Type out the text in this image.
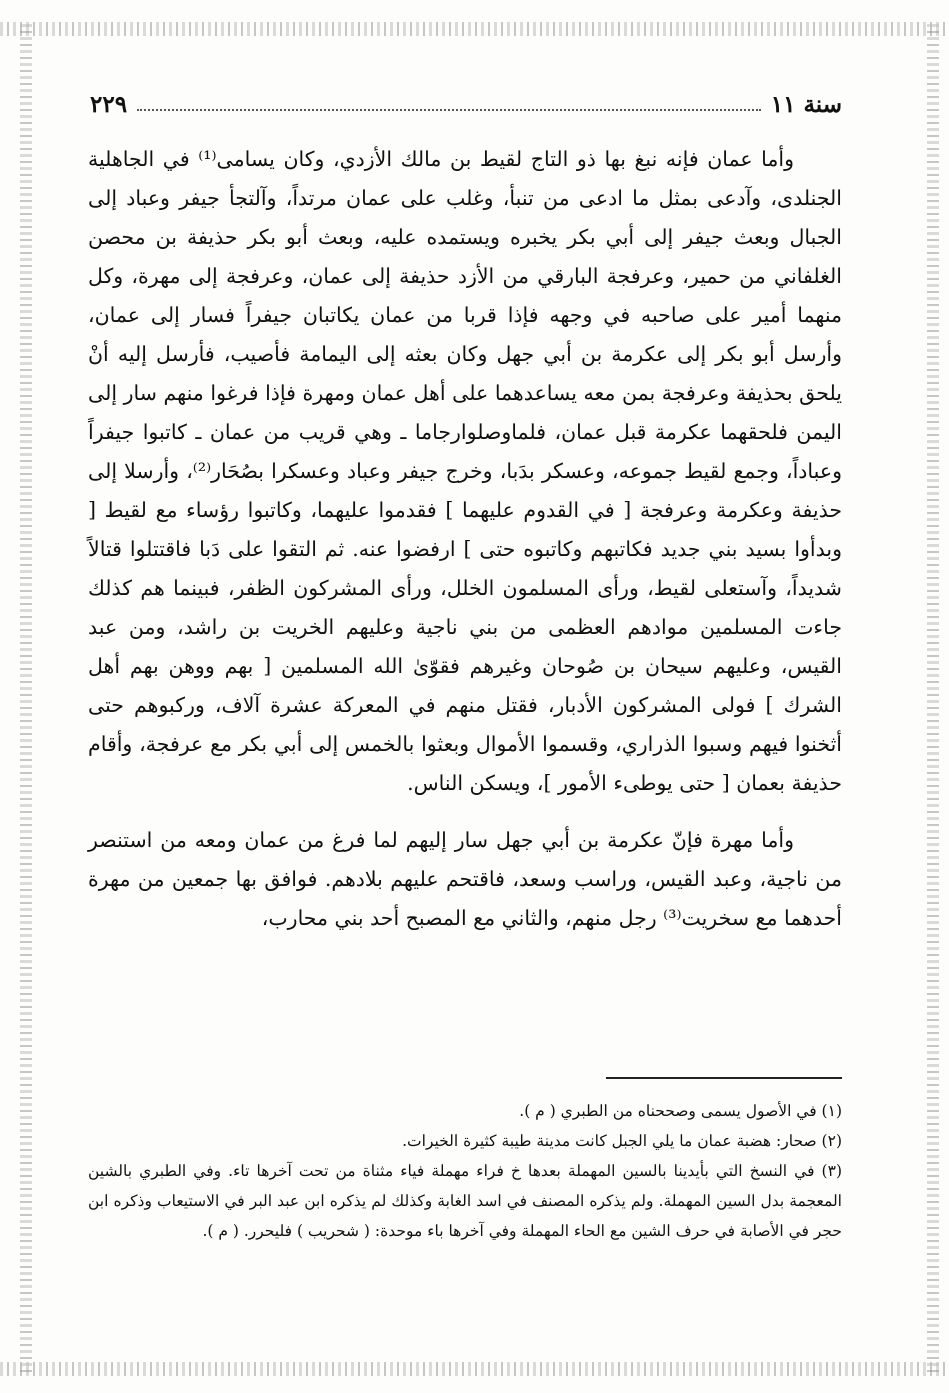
سنة ١١
٢٢٩

وأما عمان فإنه نبغ بها ذو التاج لقيط بن مالك الأزدي، وكان يسامى⁽¹⁾ في الجاهلية الجنلدى، وآدعى بمثل ما ادعى من تنبأ، وغلب على عمان مرتداً، وآلتجأ جيفر وعباد إلى الجبال وبعث جيفر إلى أبي بكر يخبره ويستمده عليه، وبعث أبو بكر حذيفة بن محصن الغلفاني من حمير، وعرفجة البارقي من الأزد حذيفة إلى عمان، وعرفجة إلى مهرة، وكل منهما أمير على صاحبه في وجهه فإذا قربا من عمان يكاتبان جيفراً فسار إلى عمان، وأرسل أبو بكر إلى عكرمة بن أبي جهل وكان بعثه إلى اليمامة فأصيب، فأرسل إليه أنْ يلحق بحذيفة وعرفجة بمن معه يساعدهما على أهل عمان ومهرة فإذا فرغوا منهم سار إلى اليمن فلحقهما عكرمة قبل عمان، فلماوصلوارجاما ـ وهي قريب من عمان ـ كاتبوا جيفراً وعباداً، وجمع لقيط جموعه، وعسكر بدَبا، وخرج جيفر وعباد وعسكرا بصُحَار⁽²⁾، وأرسلا إلى حذيفة وعكرمة وعرفجة [ في القدوم عليهما ] فقدموا عليهما، وكاتبوا رؤساء مع لقيط [ وبدأوا بسيد بني جديد فكاتبهم وكاتبوه حتى ] ارفضوا عنه. ثم التقوا على دَبا فاقتتلوا قتالاً شديداً، وآستعلى لقيط، ورأى المسلمون الخلل، ورأى المشركون الظفر، فبينما هم كذلك جاءت المسلمين موادهم العظمى من بني ناجية وعليهم الخريت بن راشد، ومن عبد القيس، وعليهم سيحان بن صُوحان وغيرهم فقوّىٰ الله المسلمين [ بهم ووهن بهم أهل الشرك ] فولى المشركون الأدبار، فقتل منهم في المعركة عشرة آلاف، وركبوهم حتى أثخنوا فيهم وسبوا الذراري، وقسموا الأموال وبعثوا بالخمس إلى أبي بكر مع عرفجة، وأقام حذيفة بعمان [ حتى يوطىء الأمور ]، ويسكن الناس.

وأما مهرة فإنّ عكرمة بن أبي جهل سار إليهم لما فرغ من عمان ومعه من استنصر من ناجية، وعبد القيس، وراسب وسعد، فاقتحم عليهم بلادهم. فوافق بها جمعين من مهرة أحدهما مع سخريت⁽³⁾ رجل منهم، والثاني مع المصبح أحد بني محارب،

(١) في الأصول يسمى وصححناه من الطبري ( م ).

(٢) صحار: هضبة عمان ما يلي الجبل كانت مدينة طيبة كثيرة الخيرات.

(٣) في النسخ التي بأيدينا بالسين المهملة بعدها خ فراء مهملة فياء مثناة من تحت آخرها تاء. وفي الطبري بالشين المعجمة بدل السين المهملة. ولم يذكره المصنف في اسد الغابة وكذلك لم يذكره ابن عبد البر في الاستيعاب وذكره ابن حجر في الأصابة في حرف الشين مع الحاء المهملة وفي آخرها باء موحدة: ( شحريب ) فليحرر. ( م ).
